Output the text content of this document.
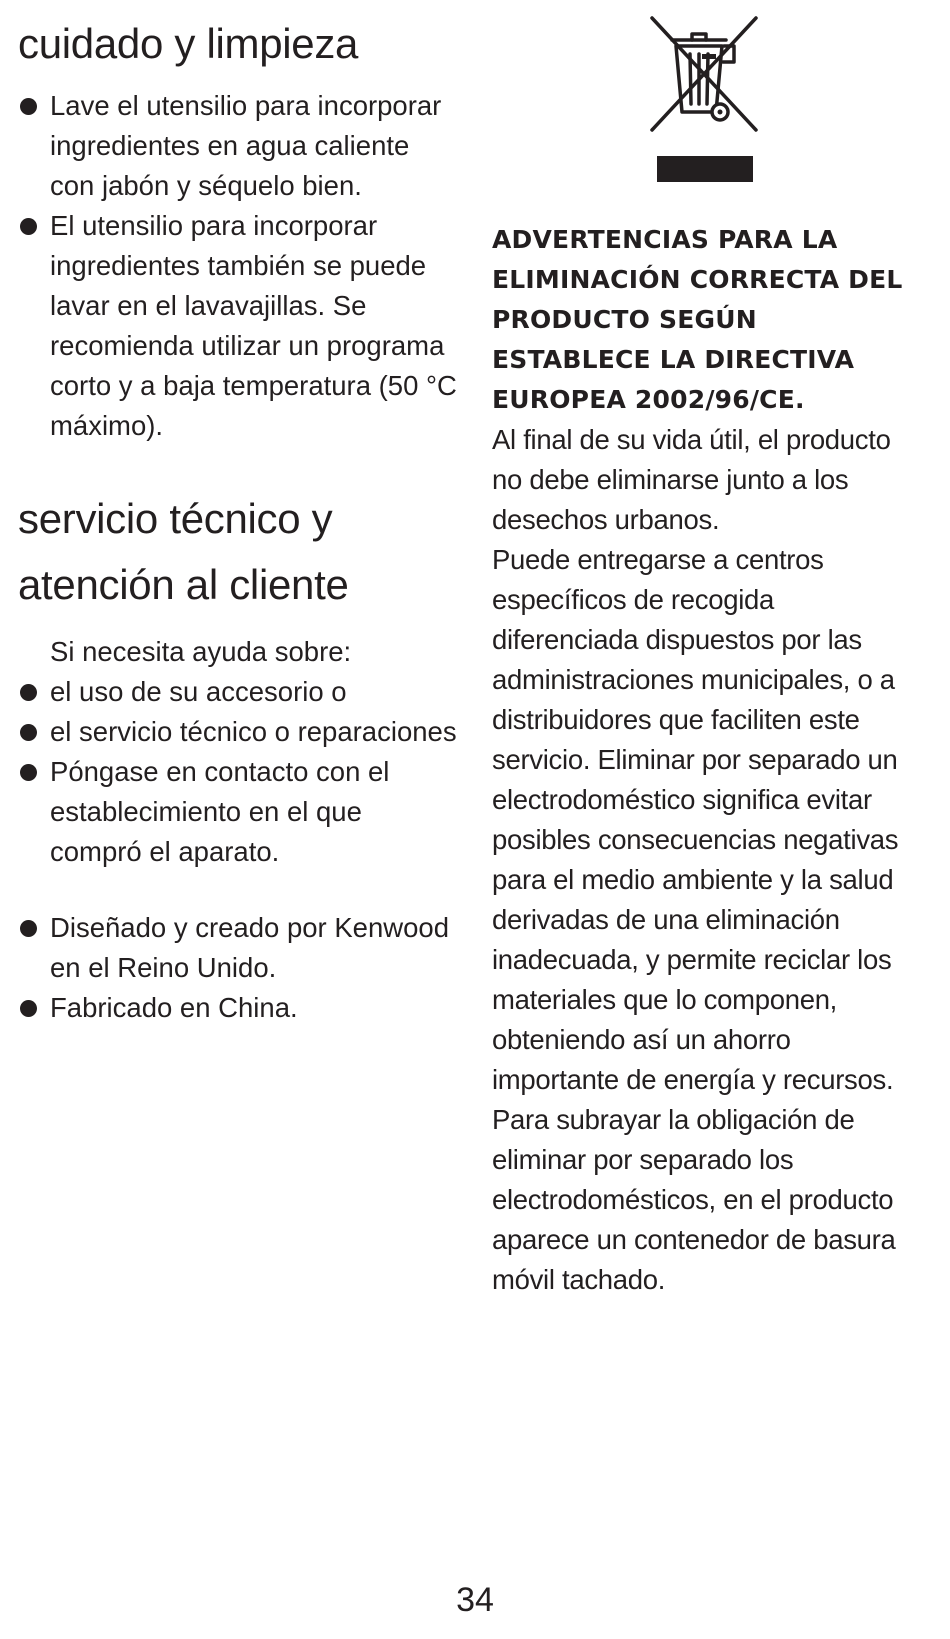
cuidado y limpieza
Lave el utensilio para incorporar ingredientes en agua caliente con jabón y séquelo bien.
El utensilio para incorporar ingredientes también se puede lavar en el lavavajillas. Se recomienda utilizar un programa corto y a baja temperatura (50 °C máximo).
servicio técnico y
atención al cliente
Si necesita ayuda sobre:
el uso de su accesorio o
el servicio técnico o reparaciones
Póngase en contacto con el establecimiento en el que compró el aparato.
Diseñado y creado por Kenwood en el Reino Unido.
Fabricado en China.

ADVERTENCIAS PARA LA ELIMINACIÓN CORRECTA DEL PRODUCTO SEGÚN ESTABLECE LA DIRECTIVA EUROPEA 2002/96/CE.

Al final de su vida útil, el producto no debe eliminarse junto a los desechos urbanos.

Puede entregarse a centros específicos de recogida diferenciada dispuestos por las administraciones municipales, o a distribuidores que faciliten este servicio. Eliminar por separado un electrodoméstico significa evitar posibles consecuencias negativas para el medio ambiente y la salud derivadas de una eliminación inadecuada, y permite reciclar los materiales que lo componen, obteniendo así un ahorro importante de energía y recursos.

Para subrayar la obligación de eliminar por separado los electrodomésticos, en el producto aparece un contenedor de basura móvil tachado.

34
